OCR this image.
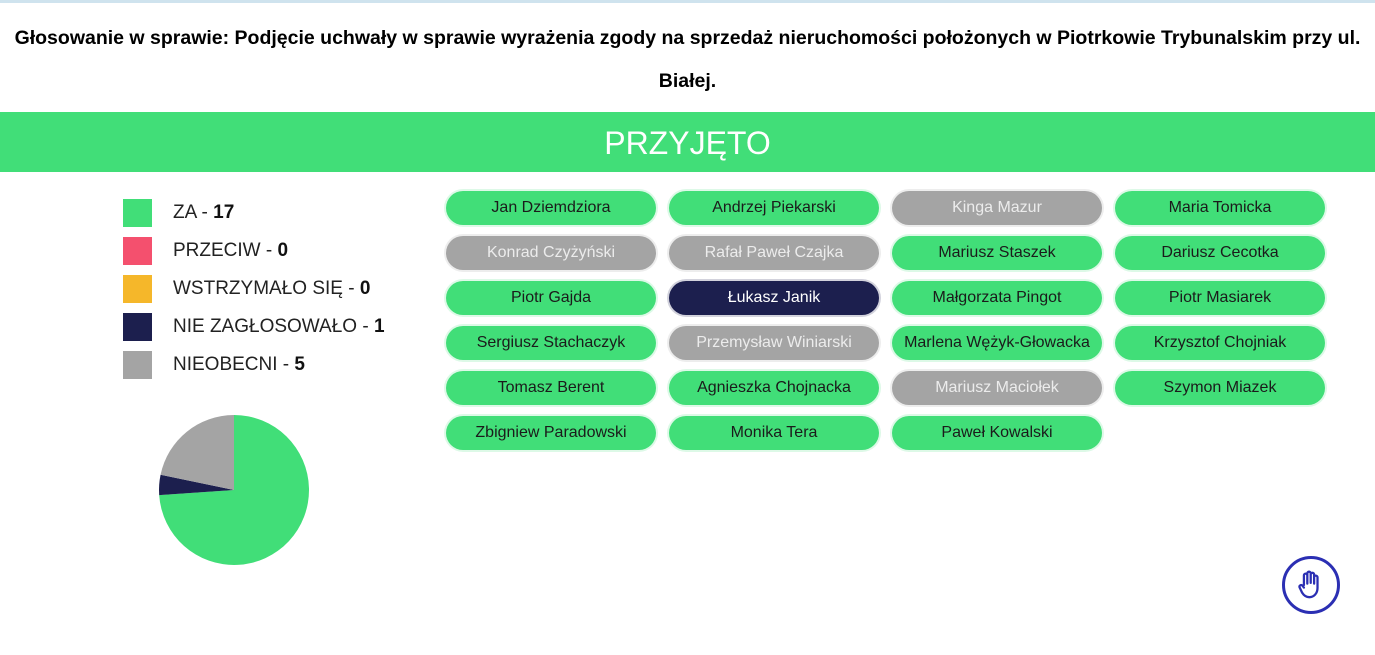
Głosowanie w sprawie: Podjęcie uchwały w sprawie wyrażenia zgody na sprzedaż nieruchomości położonych w Piotrkowie Trybunalskim przy ul. Białej.
PRZYJĘTO
ZA - 17
PRZECIW - 0
WSTRZYMAŁO SIĘ - 0
NIE ZAGŁOSOWAŁO - 1
NIEOBECNI - 5
Jan Dziemdziora	Andrzej Piekarski	Kinga Mazur	Maria Tomicka
Konrad Czyżyński	Rafał Paweł Czajka	Mariusz Staszek	Dariusz Cecotka
Piotr Gajda	Łukasz Janik	Małgorzata Pingot	Piotr Masiarek
Sergiusz Stachaczyk	Przemysław Winiarski	Marlena Wężyk-Głowacka	Krzysztof Chojniak
Tomasz Berent	Agnieszka Chojnacka	Mariusz Maciołek	Szymon Miazek
Zbigniew Paradowski	Monika Tera	Paweł Kowalski
